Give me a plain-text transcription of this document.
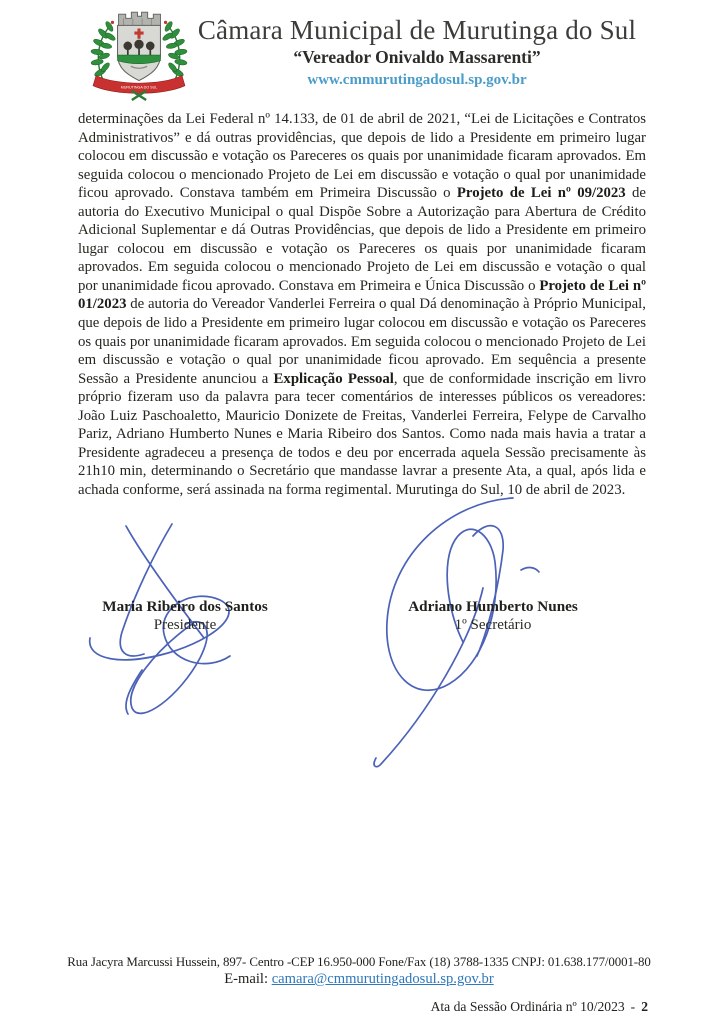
MURUTINGA DO SUL
Câmara Municipal de Murutinga do Sul
“Vereador Onivaldo Massarenti”
www.cmmurutingadosul.sp.gov.br
determinações da Lei Federal nº 14.133, de 01 de abril de 2021, “Lei de Licitações e Contratos Administrativos” e dá outras providências, que depois de lido a Presidente em primeiro lugar colocou em discussão e votação os Pareceres os quais por unanimidade ficaram aprovados. Em seguida colocou o mencionado Projeto de Lei em discussão e votação o qual por unanimidade ficou aprovado. Constava também em Primeira Discussão o Projeto de Lei nº 09/2023 de autoria do Executivo Municipal o qual Dispõe Sobre a Autorização para Abertura de Crédito Adicional Suplementar e dá Outras Providências, que depois de lido a Presidente em primeiro lugar colocou em discussão e votação os Pareceres os quais por unanimidade ficaram aprovados. Em seguida colocou o mencionado Projeto de Lei em discussão e votação o qual por unanimidade ficou aprovado. Constava em Primeira e Única Discussão o Projeto de Lei nº 01/2023 de autoria do Vereador Vanderlei Ferreira o qual Dá denominação à Próprio Municipal, que depois de lido a Presidente em primeiro lugar colocou em discussão e votação os Pareceres os quais por unanimidade ficaram aprovados. Em seguida colocou o mencionado Projeto de Lei em discussão e votação o qual por unanimidade ficou aprovado. Em sequência a presente Sessão a Presidente anunciou a Explicação Pessoal, que de conformidade inscrição em livro próprio fizeram uso da palavra para tecer comentários de interesses públicos os vereadores: João Luiz Paschoaletto, Mauricio Donizete de Freitas, Vanderlei Ferreira, Felype de Carvalho Pariz, Adriano Humberto Nunes e Maria Ribeiro dos Santos. Como nada mais havia a tratar a Presidente agradeceu a presença de todos e deu por encerrada aquela Sessão precisamente às 21h10 min, determinando o Secretário que mandasse lavrar a presente Ata, a qual, após lida e achada conforme, será assinada na forma regimental. Murutinga do Sul, 10 de abril de 2023.
Maria Ribeiro dos Santos
Presidente
Adriano Humberto Nunes
1º Secretário
Rua Jacyra Marcussi Hussein, 897- Centro -CEP 16.950-000 Fone/Fax (18) 3788-1335 CNPJ: 01.638.177/0001-80
E-mail: camara@cmmurutingadosul.sp.gov.br
Ata da Sessão Ordinária nº 10/2023 - 2
